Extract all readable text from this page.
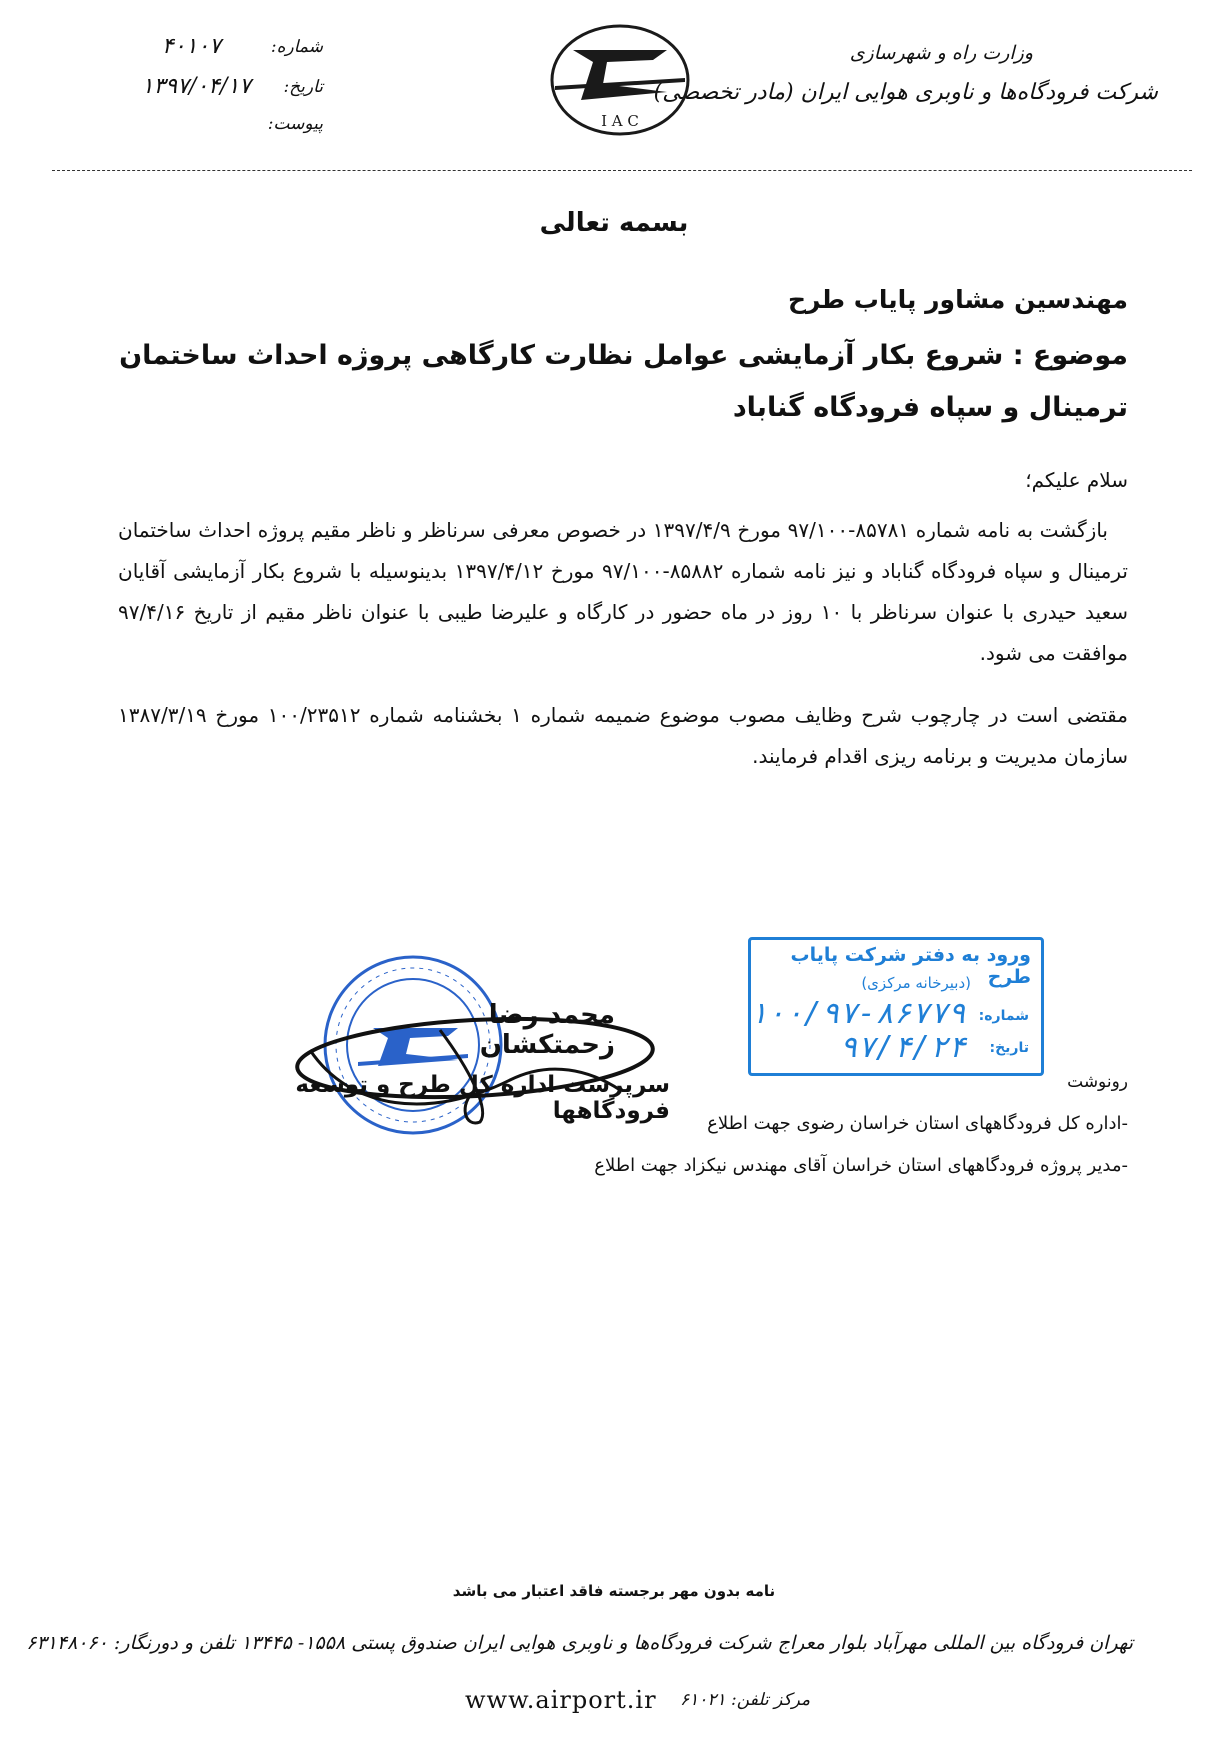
وزارت راه و شهرسازی
شرکت فرودگاه‌ها و ناوبری هوایی ایران (مادر تخصصی)
I A C
شماره:
۴۰۱۰۷
تاریخ:
۱۳۹۷/۰۴/۱۷
پیوست:
بسمه تعالی
مهندسین مشاور پایاب طرح
موضوع : شروع بکار آزمایشی عوامل نظارت کارگاهی پروژه احداث ساختمان ترمینال و سپاه فرودگاه گناباد
سلام علیکم؛
بازگشت به نامه شماره ۸۵۷۸۱-۹۷/۱۰۰ مورخ ۱۳۹۷/۴/۹ در خصوص معرفی سرناظر و ناظر مقیم پروژه احداث ساختمان ترمینال و سپاه فرودگاه گناباد و نیز نامه شماره ۸۵۸۸۲-۹۷/۱۰۰ مورخ ۱۳۹۷/۴/۱۲ بدینوسیله با شروع بکار آزمایشی آقایان سعید حیدری با عنوان سرناظر با ۱۰ روز در ماه حضور در کارگاه و علیرضا طیبی با عنوان ناظر مقیم از تاریخ ۹۷/۴/۱۶ موافقت می شود.
مقتضی است در چارچوب شرح وظایف مصوب موضوع ضمیمه شماره ۱ بخشنامه شماره ۱۰۰/۲۳۵۱۲ مورخ ۱۳۸۷/۳/۱۹ سازمان مدیریت و برنامه ریزی اقدام فرمایند.
ورود به دفتر شرکت پایاب طرح
(دبیرخانه مرکزی)
شماره:
۱۰۰/۹۷-۸۶۷۷۹
تاریخ:
۹۷/۴/۲۴
محمد رضا زحمتکشان
سرپرست اداره کل طرح و توسعه فرودگاهها
رونوشت
-اداره کل فرودگاههای استان خراسان رضوی جهت اطلاع
-مدیر پروژه فرودگاههای استان خراسان آقای مهندس نیکزاد جهت اطلاع
نامه بدون مهر برجسته فاقد اعتبار می باشد
تهران فرودگاه بین المللی مهرآباد بلوار معراج شرکت فرودگاه‌ها و ناوبری هوایی ایران صندوق پستی ۱۵۵۸- ۱۳۴۴۵ تلفن و دورنگار: ۶۳۱۴۸۰۶۰
www.airport.ir مرکز تلفن: ۶۱۰۲۱
